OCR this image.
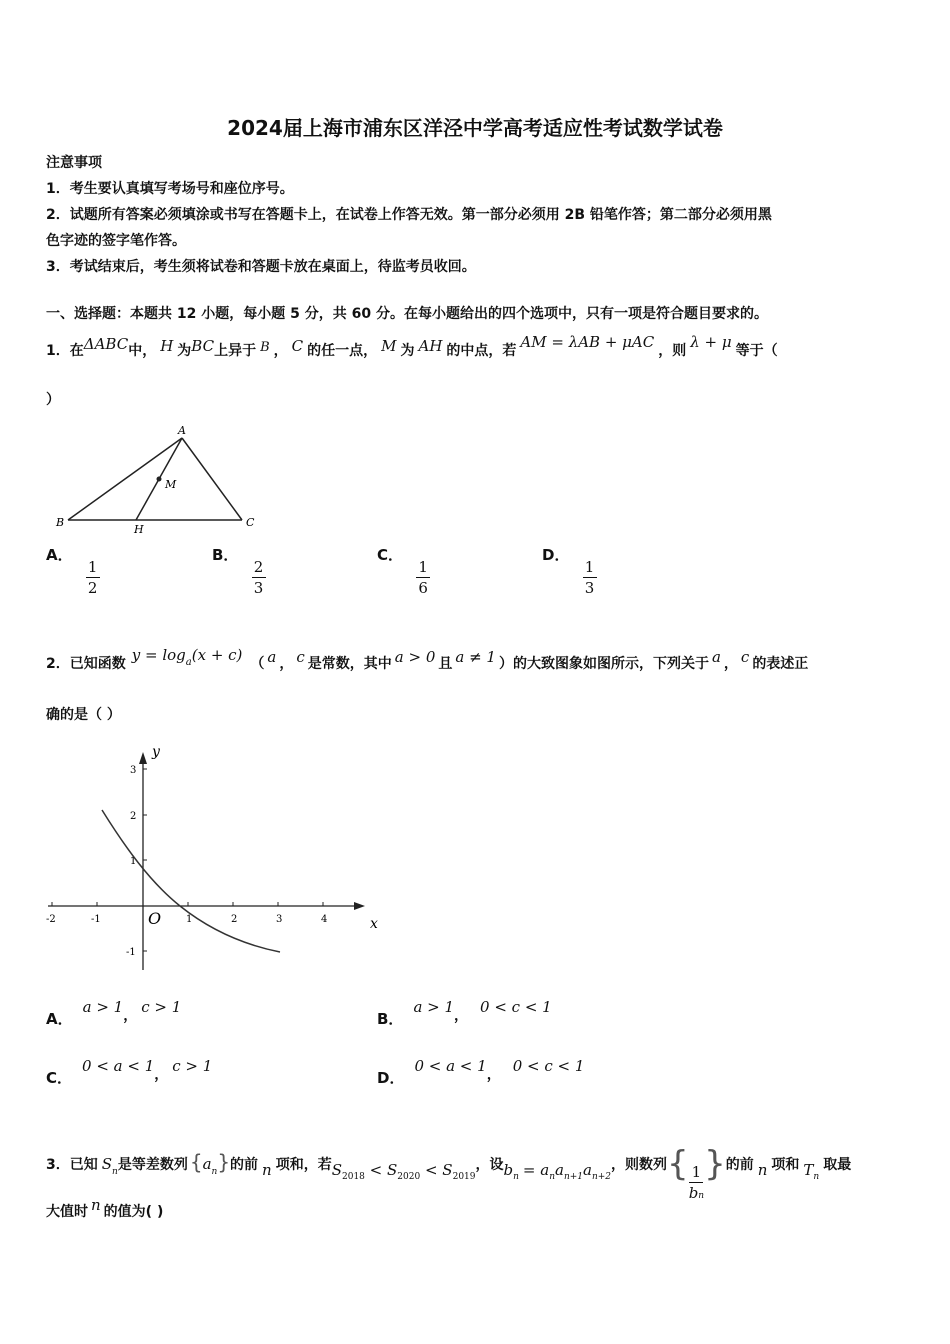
2024届上海市浦东区洋泾中学高考适应性考试数学试卷
注意事项
1．考生要认真填写考场号和座位序号。
2．试题所有答案必须填涂或书写在答题卡上，在试卷上作答无效。第一部分必须用 2B 铅笔作答；第二部分必须用黑
色字迹的签字笔作答。
3．考试结束后，考生须将试卷和答题卡放在桌面上，待监考员收回。
一、选择题：本题共 12 小题，每小题 5 分，共 60 分。在每小题给出的四个选项中，只有一项是符合题目要求的。
1．在ΔABC中， H 为BC上异于 B ， C 的任一点， M 为 AH 的中点，若 AM = λAB + μAC ，则 λ + μ 等于（
）
A
B	C
H
M
A．
$\frac{1}{2}$
B．
$\frac{2}{3}$
C．
$\frac{1}{6}$
D．
$\frac{1}{3}$
2．已知函数 $y = \log^a(x + c)$ （ a ， c 是常数，其中 a > 0 且 a ≠ 1 ）的大致图象如图所示，下列关于 a ， c 的表述正
确的是（ ）
-2	-1	1	2	3	4
3
2
1
-1
O	x
y
A．a > 1， c > 1
B．a > 1， 0 < c < 1
C．0 < a < 1， c > 1
D．0 < a < 1， 0 < c < 1
3．已知 $S_n$是等差数列 $\{a_n\}$的前 n 项和，若$S_{2018} < S_{2020} < S_{2019}$，设$b_n = a_na_{n+1}a_{n+2}$，则数列{ $\frac{1}{bn}$ }的前 n 项和 $T_n$取最
大值时 n 的值为( )
